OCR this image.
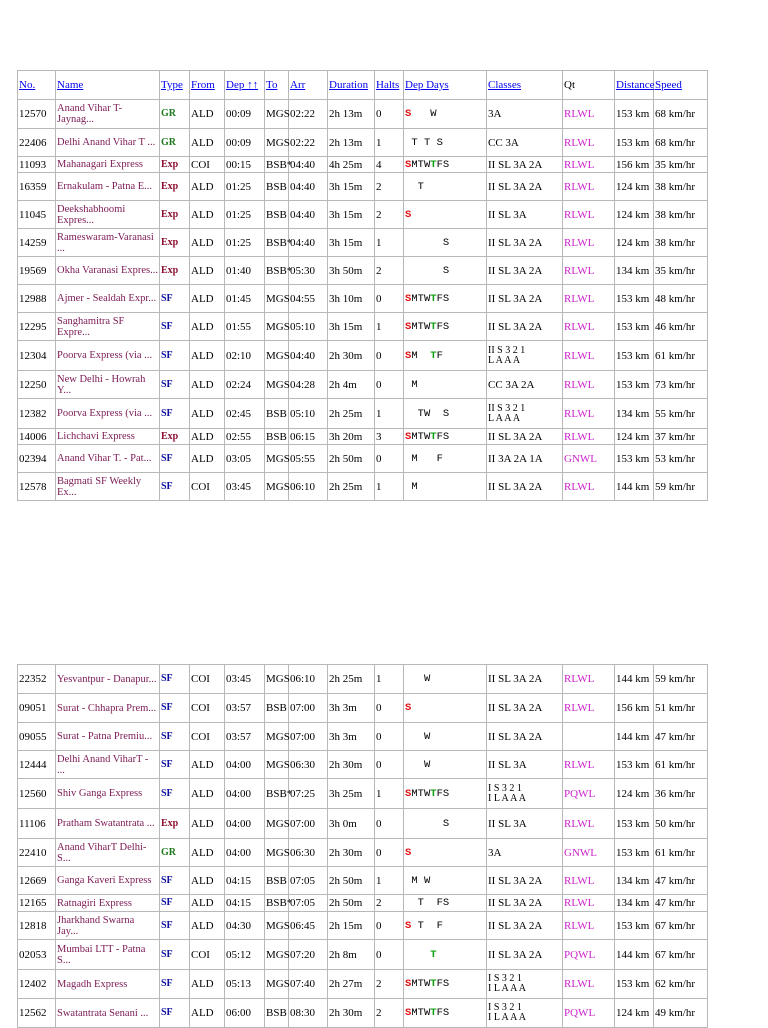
No.	Name	Type	From	Dep ↑↑	To	Arr	Duration	Halts	Dep Days	Classes	Qt	Distance	Speed
12570	Anand Vihar T-Jaynag...	GR	ALD	00:09	MGS	02:22	2h 13m	0	S W	3A	RLWL	153 km	68 km/hr
22406	Delhi Anand Vihar T ...	GR	ALD	00:09	MGS	02:22	2h 13m	1	T T S	CC 3A	RLWL	153 km	68 km/hr
11093	Mahanagari Express	Exp	COI	00:15	BSB*	04:40	4h 25m	4	SMTWTFS	II SL 3A 2A	RLWL	156 km	35 km/hr
16359	Ernakulam - Patna E...	Exp	ALD	01:25	BSB	04:40	3h 15m	2	T	II SL 3A 2A	RLWL	124 km	38 km/hr
11045	Deekshabhoomi Expres...	Exp	ALD	01:25	BSB	04:40	3h 15m	2	S	II SL 3A	RLWL	124 km	38 km/hr
14259	Rameswaram-Varanasi ...	Exp	ALD	01:25	BSB*	04:40	3h 15m	1	S	II SL 3A 2A	RLWL	124 km	38 km/hr
19569	Okha Varanasi Expres...	Exp	ALD	01:40	BSB*	05:30	3h 50m	2	S	II SL 3A 2A	RLWL	134 km	35 km/hr
12988	Ajmer - Sealdah Expr...	SF	ALD	01:45	MGS	04:55	3h 10m	0	SMTWTFS	II SL 3A 2A	RLWL	153 km	48 km/hr
12295	Sanghamitra SF Expre...	SF	ALD	01:55	MGS	05:10	3h 15m	1	SMTWTFS	II SL 3A 2A	RLWL	153 km	46 km/hr
12304	Poorva Express (via ...	SF	ALD	02:10	MGS	04:40	2h 30m	0	SM TF	II S 3 2 1
L A A A	RLWL	153 km	61 km/hr
12250	New Delhi - Howrah Y...	SF	ALD	02:24	MGS	04:28	2h 4m	0	M	CC 3A 2A	RLWL	153 km	73 km/hr
12382	Poorva Express (via ...	SF	ALD	02:45	BSB	05:10	2h 25m	1	TW S	II S 3 2 1
L A A A	RLWL	134 km	55 km/hr
14006	Lichchavi Express	Exp	ALD	02:55	BSB	06:15	3h 20m	3	SMTWTFS	II SL 3A 2A	RLWL	124 km	37 km/hr
02394	Anand Vihar T. - Pat...	SF	ALD	03:05	MGS	05:55	2h 50m	0	M F	II 3A 2A 1A	GNWL	153 km	53 km/hr
12578	Bagmati SF Weekly Ex...	SF	COI	03:45	MGS	06:10	2h 25m	1	M	II SL 3A 2A	RLWL	144 km	59 km/hr
22352	Yesvantpur - Danapur...	SF	COI	03:45	MGS	06:10	2h 25m	1	W	II SL 3A 2A	RLWL	144 km	59 km/hr
09051	Surat - Chhapra Prem...	SF	COI	03:57	BSB	07:00	3h 3m	0	S	II SL 3A 2A	RLWL	156 km	51 km/hr
09055	Surat - Patna Premiu...	SF	COI	03:57	MGS	07:00	3h 3m	0	W	II SL 3A 2A		144 km	47 km/hr
12444	Delhi Anand ViharT - ...	SF	ALD	04:00	MGS	06:30	2h 30m	0	W	II SL 3A	RLWL	153 km	61 km/hr
12560	Shiv Ganga Express	SF	ALD	04:00	BSB*	07:25	3h 25m	1	SMTWTFS	I S 3 2 1
I L A A A	PQWL	124 km	36 km/hr
11106	Pratham Swatantrata ...	Exp	ALD	04:00	MGS	07:00	3h 0m	0	S	II SL 3A	RLWL	153 km	50 km/hr
22410	Anand ViharT Delhi-S...	GR	ALD	04:00	MGS	06:30	2h 30m	0	S	3A	GNWL	153 km	61 km/hr
12669	Ganga Kaveri Express	SF	ALD	04:15	BSB	07:05	2h 50m	1	M W	II SL 3A 2A	RLWL	134 km	47 km/hr
12165	Ratnagiri Express	SF	ALD	04:15	BSB*	07:05	2h 50m	2	T FS	II SL 3A 2A	RLWL	134 km	47 km/hr
12818	Jharkhand Swarna Jay...	SF	ALD	04:30	MGS	06:45	2h 15m	0	S T F	II SL 3A 2A	RLWL	153 km	67 km/hr
02053	Mumbai LTT - Patna S...	SF	COI	05:12	MGS	07:20	2h 8m	0	T	II SL 3A 2A	PQWL	144 km	67 km/hr
12402	Magadh Express	SF	ALD	05:13	MGS	07:40	2h 27m	2	SMTWTFS	I S 3 2 1
I L A A A	RLWL	153 km	62 km/hr
12562	Swatantrata Senani ...	SF	ALD	06:00	BSB	08:30	2h 30m	2	SMTWTFS	I S 3 2 1
I L A A A	PQWL	124 km	49 km/hr
